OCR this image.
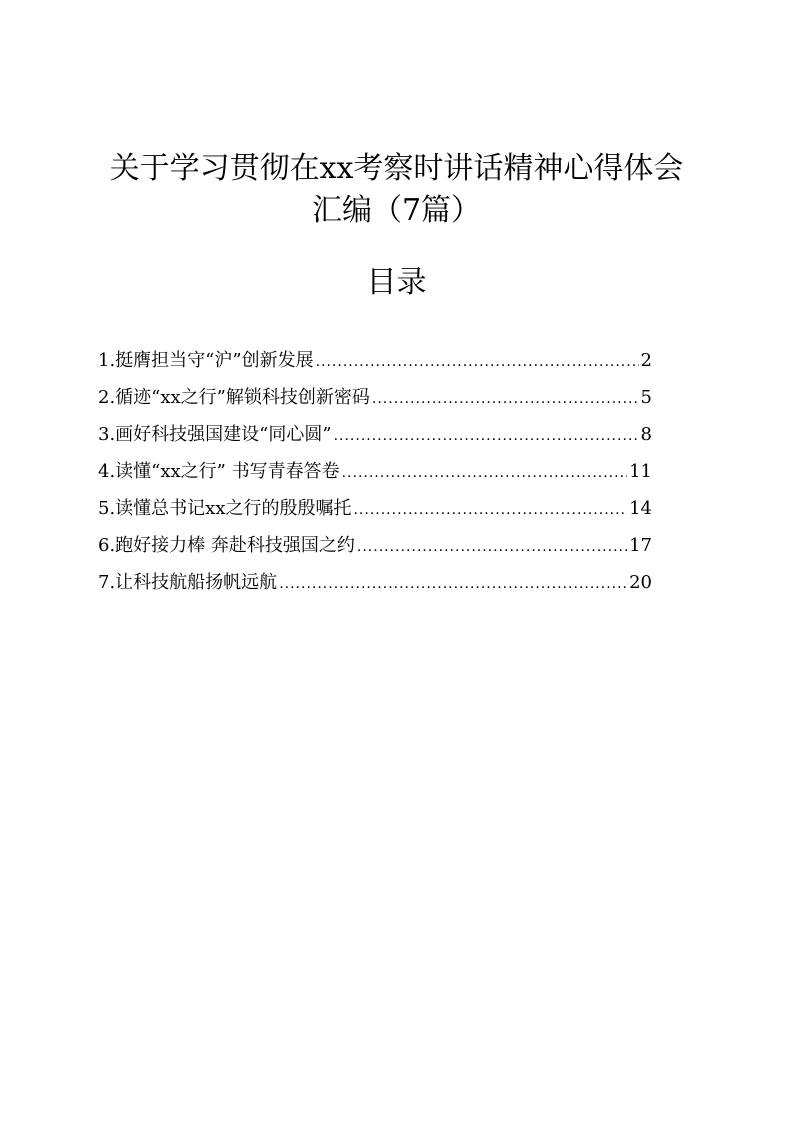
关于学习贯彻在xx考察时讲话精神心得体会
汇编（7篇）
目录
1.挺膺担当守“沪”创新发展 .....	2
2.循迹“xx之行”解锁科技创新密码 .....	5
3.画好科技强国建设“同心圆” .....	8
4.读懂“xx之行” 书写青春答卷 .....	11
5.读懂总书记xx之行的殷殷嘱托 .....	14
6.跑好接力棒 奔赴科技强国之约 .....	17
7.让科技航船扬帆远航 .....	20
